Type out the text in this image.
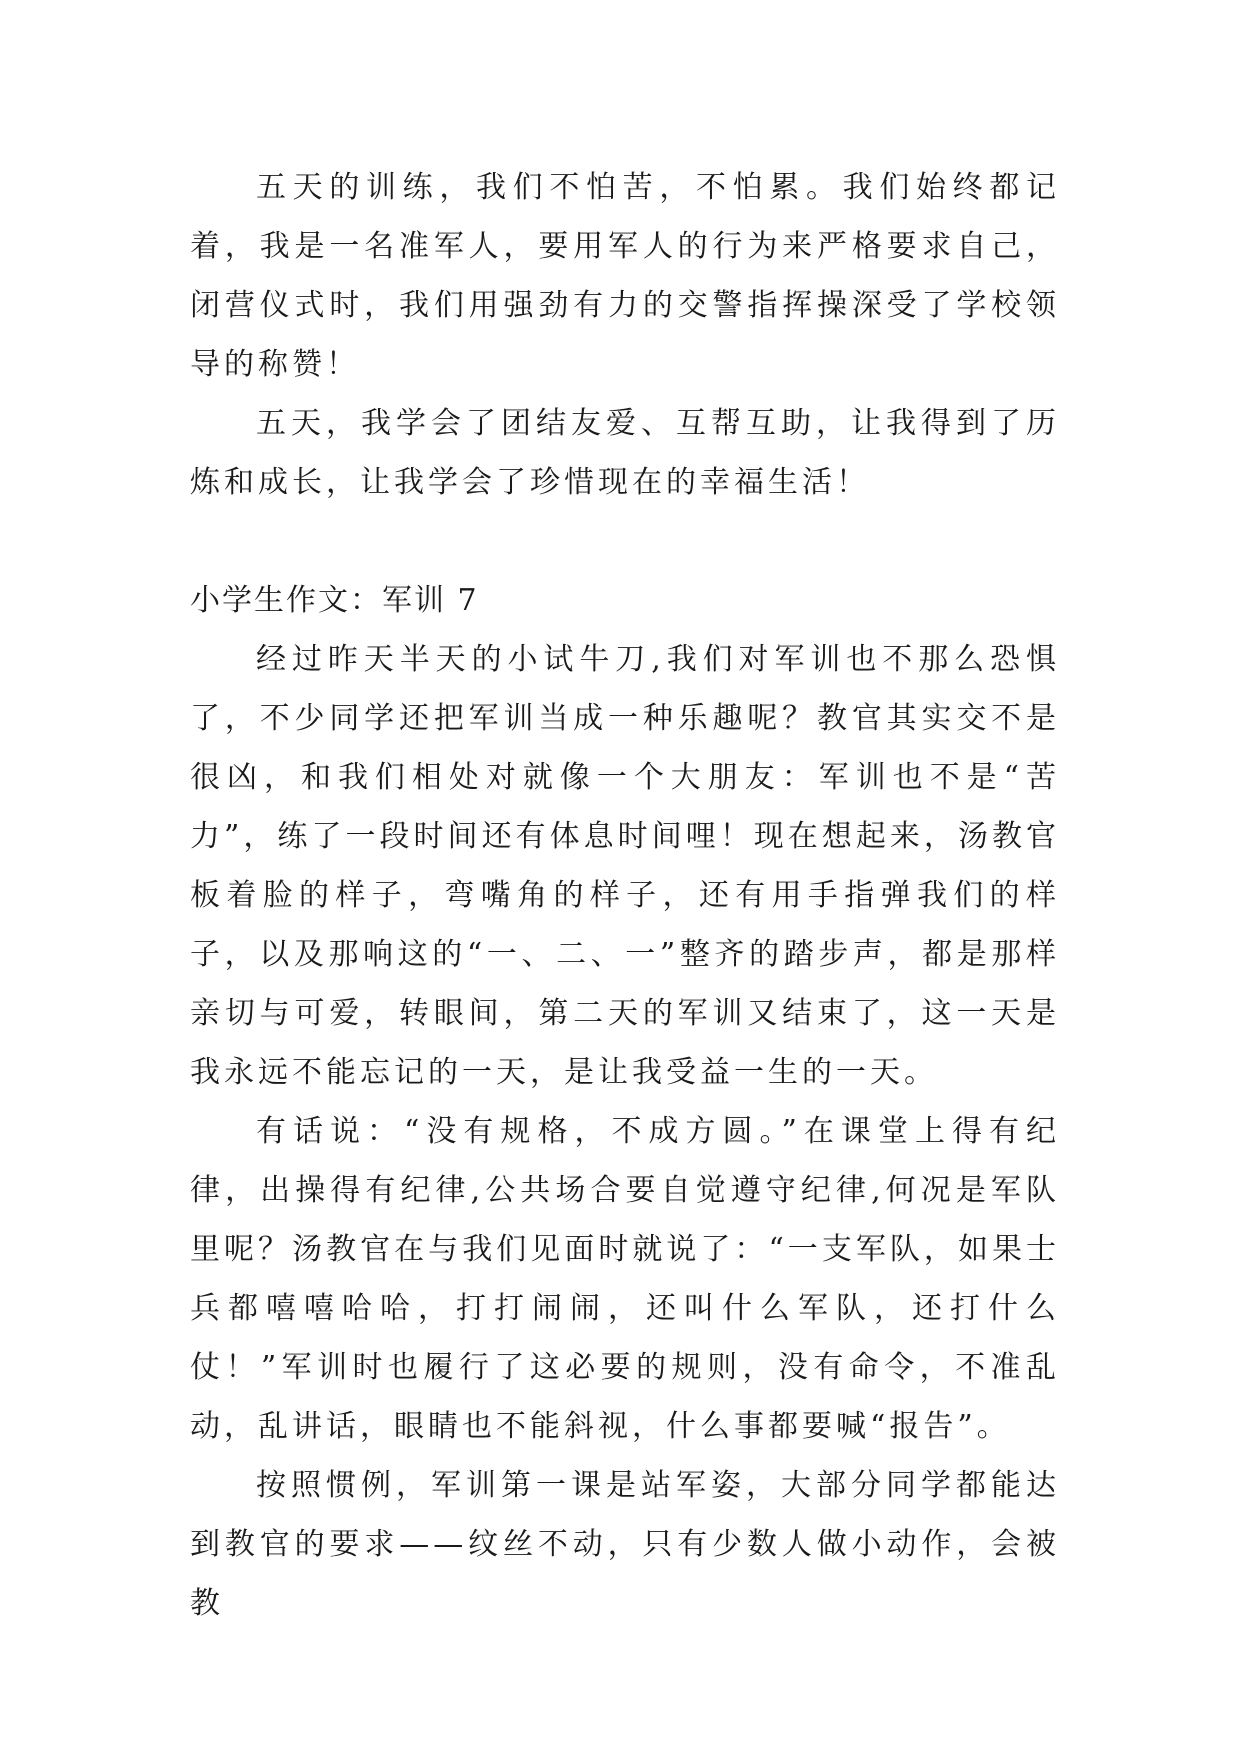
五天的训练，我们不怕苦，不怕累。我们始终都记着，我是一名准军人，要用军人的行为来严格要求自己，闭营仪式时，我们用强劲有力的交警指挥操深受了学校领导的称赞！

五天，我学会了团结友爱、互帮互助，让我得到了历炼和成长，让我学会了珍惜现在的幸福生活！

小学生作文：军训 7

经过昨天半天的小试牛刀,我们对军训也不那么恐惧了，不少同学还把军训当成一种乐趣呢？教官其实交不是很凶，和我们相处对就像一个大朋友：军训也不是“苦力”，练了一段时间还有体息时间哩！现在想起来，汤教官板着脸的样子，弯嘴角的样子，还有用手指弹我们的样子，以及那响这的“一、二、一”整齐的踏步声，都是那样亲切与可爱，转眼间，第二天的军训又结束了，这一天是我永远不能忘记的一天，是让我受益一生的一天。

有话说：“没有规格，不成方圆。”在课堂上得有纪律，出操得有纪律,公共场合要自觉遵守纪律,何况是军队里呢？汤教官在与我们见面时就说了：“一支军队，如果士兵都嘻嘻哈哈，打打闹闹，还叫什么军队，还打什么仗！”军训时也履行了这必要的规则，没有命令，不准乱动，乱讲话，眼睛也不能斜视，什么事都要喊“报告”。

按照惯例，军训第一课是站军姿，大部分同学都能达到教官的要求——纹丝不动，只有少数人做小动作，会被教
